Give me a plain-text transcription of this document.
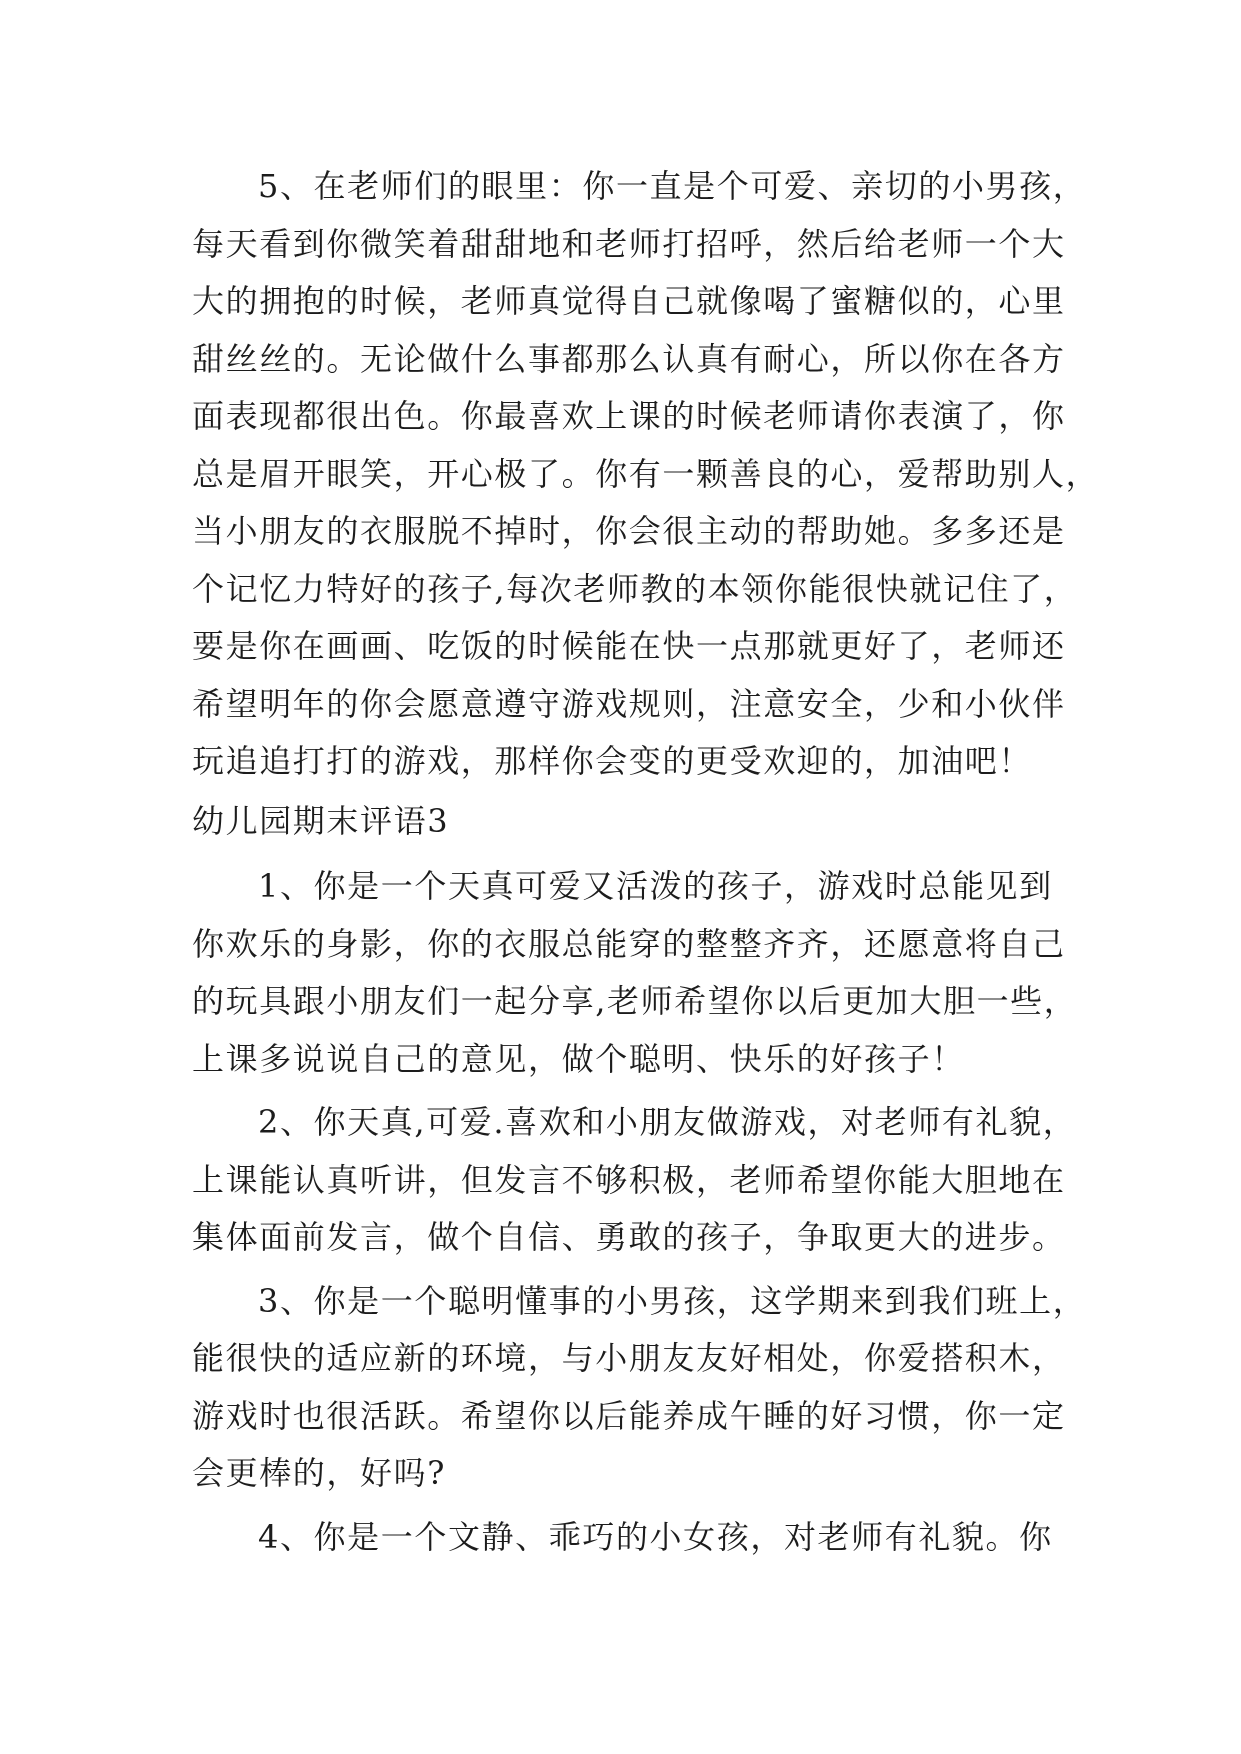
5、在老师们的眼里：你一直是个可爱、亲切的小男孩，
每天看到你微笑着甜甜地和老师打招呼，然后给老师一个大
大的拥抱的时候，老师真觉得自己就像喝了蜜糖似的，心里
甜丝丝的。无论做什么事都那么认真有耐心，所以你在各方
面表现都很出色。你最喜欢上课的时候老师请你表演了，你
总是眉开眼笑，开心极了。你有一颗善良的心，爱帮助别人，
当小朋友的衣服脱不掉时，你会很主动的帮助她。多多还是
个记忆力特好的孩子,每次老师教的本领你能很快就记住了，
要是你在画画、吃饭的时候能在快一点那就更好了，老师还
希望明年的你会愿意遵守游戏规则，注意安全，少和小伙伴
玩追追打打的游戏，那样你会变的更受欢迎的，加油吧！
幼儿园期末评语3
1、你是一个天真可爱又活泼的孩子，游戏时总能见到
你欢乐的身影，你的衣服总能穿的整整齐齐，还愿意将自己
的玩具跟小朋友们一起分享,老师希望你以后更加大胆一些，
上课多说说自己的意见，做个聪明、快乐的好孩子！
2、你天真,可爱.喜欢和小朋友做游戏，对老师有礼貌，
上课能认真听讲，但发言不够积极，老师希望你能大胆地在
集体面前发言，做个自信、勇敢的孩子，争取更大的进步。
3、你是一个聪明懂事的小男孩，这学期来到我们班上，
能很快的适应新的环境，与小朋友友好相处，你爱搭积木，
游戏时也很活跃。希望你以后能养成午睡的好习惯，你一定
会更棒的，好吗?
4、你是一个文静、乖巧的小女孩，对老师有礼貌。你
